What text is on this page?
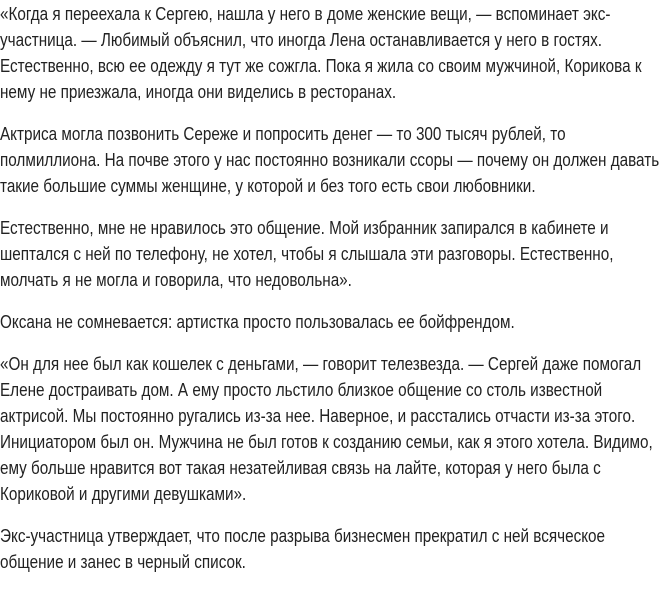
«Когда я переехала к Сергею, нашла у него в доме женские вещи, — вспоминает экс-участница. — Любимый объяснил, что иногда Лена останавливается у него в гостях. Естественно, всю ее одежду я тут же сожгла. Пока я жила со своим мужчиной, Корикова к нему не приезжала, иногда они виделись в ресторанах.

Актриса могла позвонить Сереже и попросить денег — то 300 тысяч рублей, то полмиллиона. На почве этого у нас постоянно возникали ссоры — почему он должен давать такие большие суммы женщине, у которой и без того есть свои любовники.

Естественно, мне не нравилось это общение. Мой избранник запирался в кабинете и шептался с ней по телефону, не хотел, чтобы я слышала эти разговоры. Естественно, молчать я не могла и говорила, что недовольна».

Оксана не сомневается: артистка просто пользовалась ее бойфрендом.

«Он для нее был как кошелек с деньгами, — говорит телезвезда. — Сергей даже помогал Елене достраивать дом. А ему просто льстило близкое общение со столь известной актрисой. Мы постоянно ругались из-за нее. Наверное, и расстались отчасти из-за этого. Инициатором был он. Мужчина не был готов к созданию семьи, как я этого хотела. Видимо, ему больше нравится вот такая незатейливая связь на лайте, которая у него была с Кориковой и другими девушками».

Экс-участница утверждает, что после разрыва бизнесмен прекратил с ней всяческое общение и занес в черный список.
